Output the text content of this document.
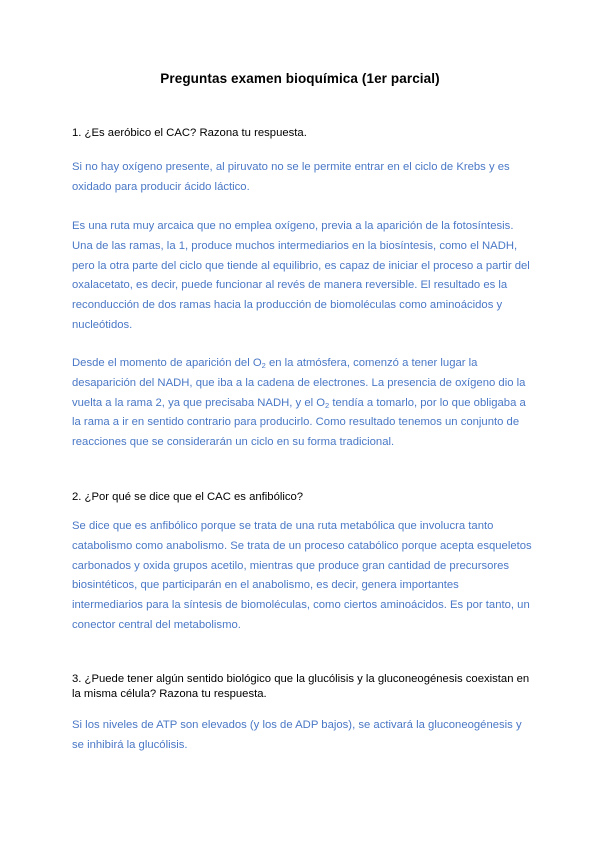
Preguntas examen bioquímica (1er parcial)
1. ¿Es aeróbico el CAC? Razona tu respuesta.

Si no hay oxígeno presente, al piruvato no se le permite entrar en el ciclo de Krebs y es oxidado para producir ácido láctico.

Es una ruta muy arcaica que no emplea oxígeno, previa a la aparición de la fotosíntesis. Una de las ramas, la 1, produce muchos intermediarios en la biosíntesis, como el NADH, pero la otra parte del ciclo que tiende al equilibrio, es capaz de iniciar el proceso a partir del oxalacetato, es decir, puede funcionar al revés de manera reversible. El resultado es la reconducción de dos ramas hacia la producción de biomoléculas como aminoácidos y nucleótidos.

Desde el momento de aparición del $O_2$ en la atmósfera, comenzó a tener lugar la desaparición del NADH, que iba a la cadena de electrones. La presencia de oxígeno dio la vuelta a la rama 2, ya que precisaba NADH, y el $O_2$ tendía a tomarlo, por lo que obligaba a la rama a ir en sentido contrario para producirlo. Como resultado tenemos un conjunto de reacciones que se considerarán un ciclo en su forma tradicional.

2. ¿Por qué se dice que el CAC es anfibólico?

Se dice que es anfibólico porque se trata de una ruta metabólica que involucra tanto catabolismo como anabolismo. Se trata de un proceso catabólico porque acepta esqueletos carbonados y oxida grupos acetilo, mientras que produce gran cantidad de precursores biosintéticos, que participarán en el anabolismo, es decir, genera importantes intermediarios para la síntesis de biomoléculas, como ciertos aminoácidos. Es por tanto, un conector central del metabolismo.

3. ¿Puede tener algún sentido biológico que la glucólisis y la gluconeogénesis coexistan en la misma célula? Razona tu respuesta.

Si los niveles de ATP son elevados (y los de ADP bajos), se activará la gluconeogénesis y se inhibirá la glucólisis.
